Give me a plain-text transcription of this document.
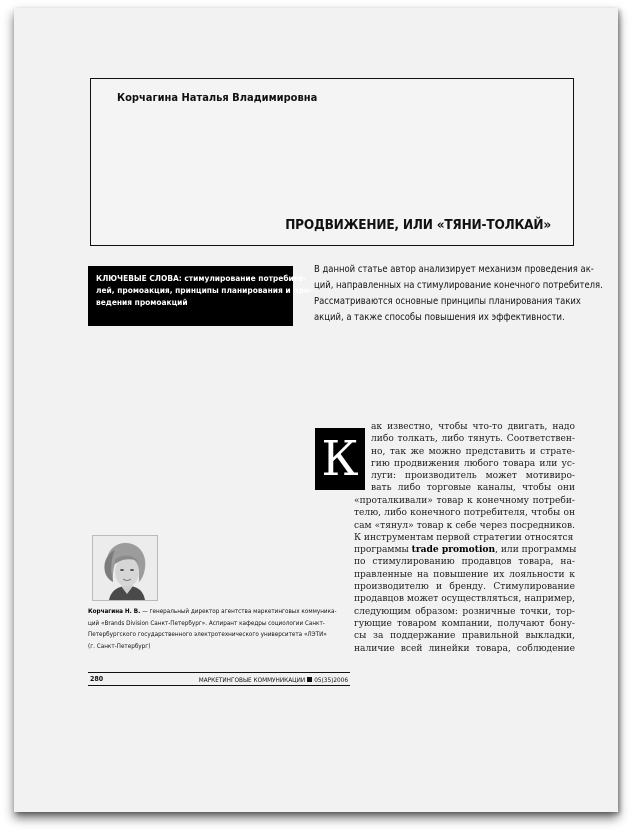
Корчагина Наталья Владимировна
ПРОДВИЖЕНИЕ, ИЛИ «ТЯНИ-ТОЛКАЙ»
КЛЮЧЕВЫЕ СЛОВА: стимулирование потребите-
лей, промоакция, принципы планирования и про-
ведения промоакций
В данной статье автор анализирует механизм проведения ак-
ций, направленных на стимулирование конечного потребителя.
Рассматриваются основные принципы планирования таких
акций, а также способы повышения их эффективности.
К
ак известно, чтобы что-то двигать, надо
либо толкать, либо тянуть. Соответствен-
но, так же можно представить и страте-
гию продвижения любого товара или ус-
луги: производитель может мотивиро-
вать либо торговые каналы, чтобы они
«проталкивали» товар к конечному потреби-
телю, либо конечного потребителя, чтобы он
сам «тянул» товар к себе через посредников.
К инструментам первой стратегии относятся
программы trade promotion, или программы
по стимулированию продавцов товара, на-
правленные на повышение их лояльности к
производителю и бренду. Стимулирование
продавцов может осуществляться, например,
следующим образом: розничные точки, тор-
гующие товаром компании, получают бону-
сы за поддержание правильной выкладки,
наличие всей линейки товара, соблюдение
Корчагина Н. В. — генеральный директор агентства маркетинговых коммуника-
ций «Brands Division Санкт-Петербург». Аспирант кафедры социологии Санкт-
Петербургского государственного электротехнического университета «ЛЭТИ»
(г. Санкт-Петербург)
280	МАРКЕТИНГОВЫЕ КОММУНИКАЦИИ 05(35)2006
